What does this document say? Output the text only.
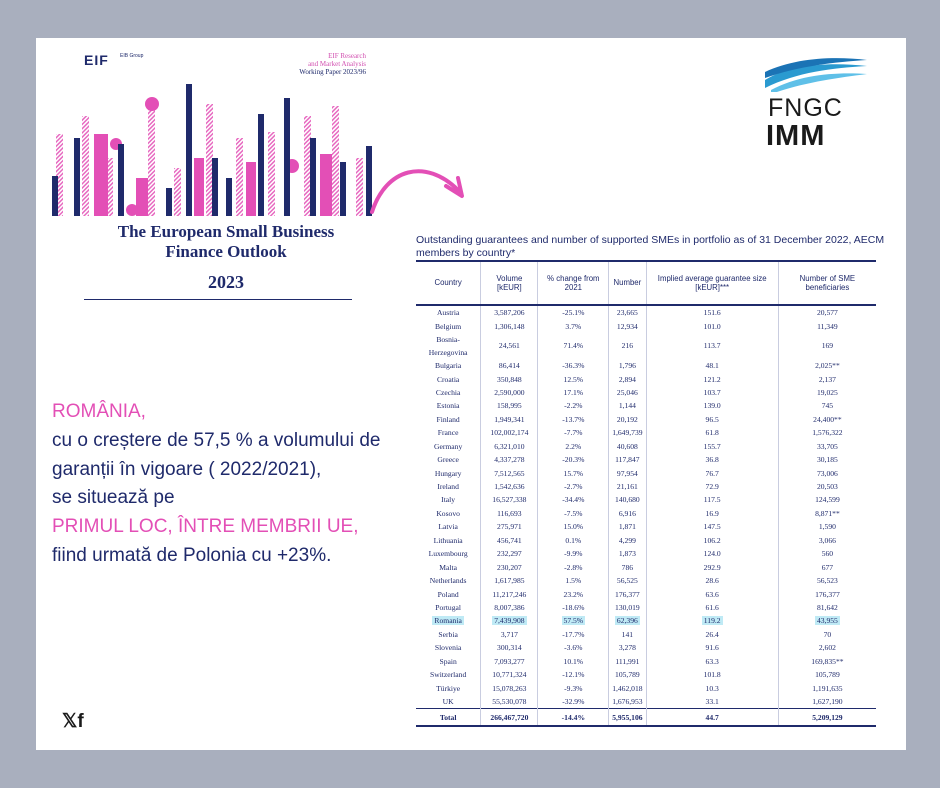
EIF EIB Group	EIF Research
and Market Analysis
Working Paper 2023/96
The European Small Business
Finance Outlook
2023
FNGC
IMM
ROMÂNIA,
cu o creștere de 57,5 % a volumului de
garanții în vigoare ( 2022/2021),
se situează pe
PRIMUL LOC, ÎNTRE MEMBRII UE,
fiind urmată de Polonia cu +23%.
𝕏f
Outstanding guarantees and number of supported SMEs in portfolio as of 31 December 2022, AECM members by country*
Country	Volume [kEUR]	% change from 2021	Number	Implied average guarantee size [kEUR]***	Number of SME beneficiaries
Austria	3,587,206	-25.1%	23,665	151.6	20,577
Belgium	1,306,148	3.7%	12,934	101.0	11,349
Bosnia-Herzegovina	24,561	71.4%	216	113.7	169
Bulgaria	86,414	-36.3%	1,796	48.1	2,025**
Croatia	350,848	12.5%	2,894	121.2	2,137
Czechia	2,590,000	17.1%	25,046	103.7	19,025
Estonia	158,995	-2.2%	1,144	139.0	745
Finland	1,949,341	-13.7%	20,192	96.5	24,400**
France	102,002,174	-7.7%	1,649,739	61.8	1,576,322
Germany	6,321,010	2.2%	40,608	155.7	33,705
Greece	4,337,278	-20.3%	117,847	36.8	30,185
Hungary	7,512,565	15.7%	97,954	76.7	73,006
Ireland	1,542,636	-2.7%	21,161	72.9	20,503
Italy	16,527,338	-34.4%	140,680	117.5	124,599
Kosovo	116,693	-7.5%	6,916	16.9	8,871**
Latvia	275,971	15.0%	1,871	147.5	1,590
Lithuania	456,741	0.1%	4,299	106.2	3,066
Luxembourg	232,297	-9.9%	1,873	124.0	560
Malta	230,207	-2.8%	786	292.9	677
Netherlands	1,617,985	1.5%	56,525	28.6	56,523
Poland	11,217,246	23.2%	176,377	63.6	176,377
Portugal	8,007,386	-18.6%	130,019	61.6	81,642
Romania	7,439,908	57.5%	62,396	119.2	43,955
Serbia	3,717	-17.7%	141	26.4	70
Slovenia	300,314	-3.6%	3,278	91.6	2,602
Spain	7,093,277	10.1%	111,991	63.3	169,835**
Switzerland	10,771,324	-12.1%	105,789	101.8	105,789
Türkiye	15,078,263	-9.3%	1,462,018	10.3	1,191,635
UK	55,530,078	-32.9%	1,676,953	33.1	1,627,190
Total	266,467,720	-14.4%	5,955,106	44.7	5,209,129
